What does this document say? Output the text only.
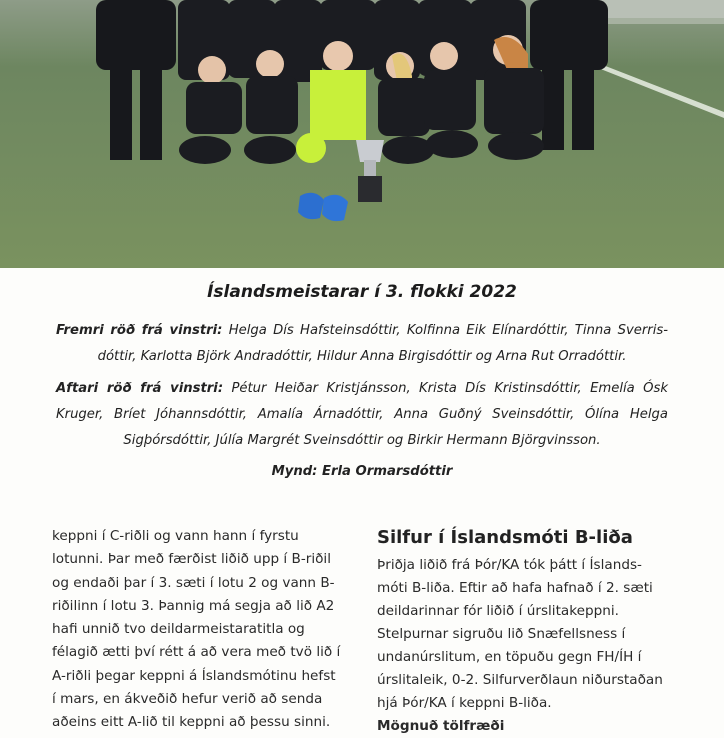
Íslandsmeistarar í 3. flokki 2022
Fremri röð frá vinstri: Helga Dís Hafsteinsdóttir, Kolfinna Eik Elínardóttir, Tinna Sverris-dóttir, Karlotta Björk Andradóttir, Hildur Anna Birgisdóttir og Arna Rut Orradóttir.
Aftari röð frá vinstri: Pétur Heiðar Kristjánsson, Krista Dís Kristinsdóttir, Emelía Ósk Kruger, Bríet Jóhannsdóttir, Amalía Árnadóttir, Anna Guðný Sveinsdóttir, Ólína Helga Sigþórsdóttir, Júlía Margrét Sveinsdóttir og Birkir Hermann Björgvinsson.
Mynd: Erla Ormarsdóttir
keppni í C-riðli og vann hann í fyrstu
lotunni. Þar með færðist liðið upp í B-riðil
og endaði þar í 3. sæti í lotu 2 og vann B-
riðilinn í lotu 3. Þannig má segja að lið A2
hafi unnið tvo deildarmeistaratitla og
félagið ætti því rétt á að vera með tvö lið í
A-riðli þegar keppni á Íslandsmótinu hefst
í mars, en ákveðið hefur verið að senda
aðeins eitt A-lið til keppni að þessu sinni.
Silfur í Íslandsmóti B-liða
Þriðja liðið frá Þór/KA tók þátt í Íslands-
móti B-liða. Eftir að hafa hafnað í 2. sæti
deildarinnar fór liðið í úrslitakeppni.
Stelpurnar sigruðu lið Snæfellsness í
undanúrslitum, en töpuðu gegn FH/ÍH í
úrslitaleik, 0-2. Silfurverðlaun niðurstaðan
hjá Þór/KA í keppni B-liða.
Mögnuð tölfræði
